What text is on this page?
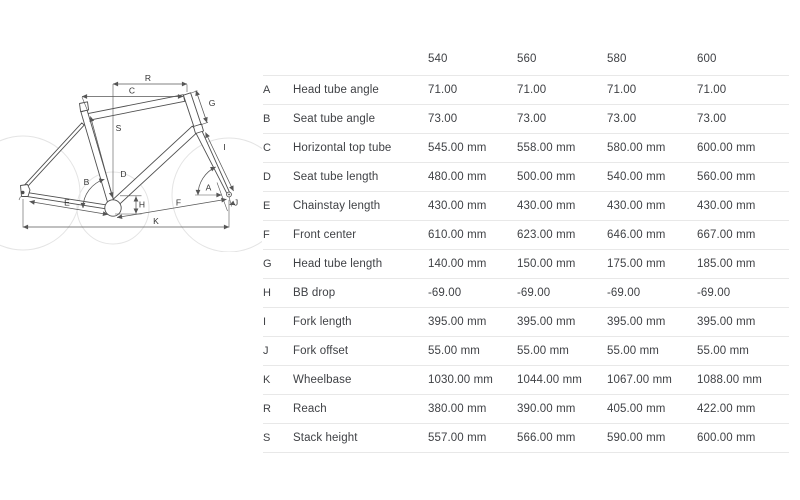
R
C
S
G
I
D
B
A
H
E	F
K
J
540	560	580	600
A	Head tube angle	71.00	71.00	71.00	71.00
B	Seat tube angle	73.00	73.00	73.00	73.00
C	Horizontal top tube	545.00 mm	558.00 mm	580.00 mm	600.00 mm
D	Seat tube length	480.00 mm	500.00 mm	540.00 mm	560.00 mm
E	Chainstay length	430.00 mm	430.00 mm	430.00 mm	430.00 mm
F	Front center	610.00 mm	623.00 mm	646.00 mm	667.00 mm
G	Head tube length	140.00 mm	150.00 mm	175.00 mm	185.00 mm
H	BB drop	-69.00	-69.00	-69.00	-69.00
I	Fork length	395.00 mm	395.00 mm	395.00 mm	395.00 mm
J	Fork offset	55.00 mm	55.00 mm	55.00 mm	55.00 mm
K	Wheelbase	1030.00 mm	1044.00 mm	1067.00 mm	1088.00 mm
R	Reach	380.00 mm	390.00 mm	405.00 mm	422.00 mm
S	Stack height	557.00 mm	566.00 mm	590.00 mm	600.00 mm
